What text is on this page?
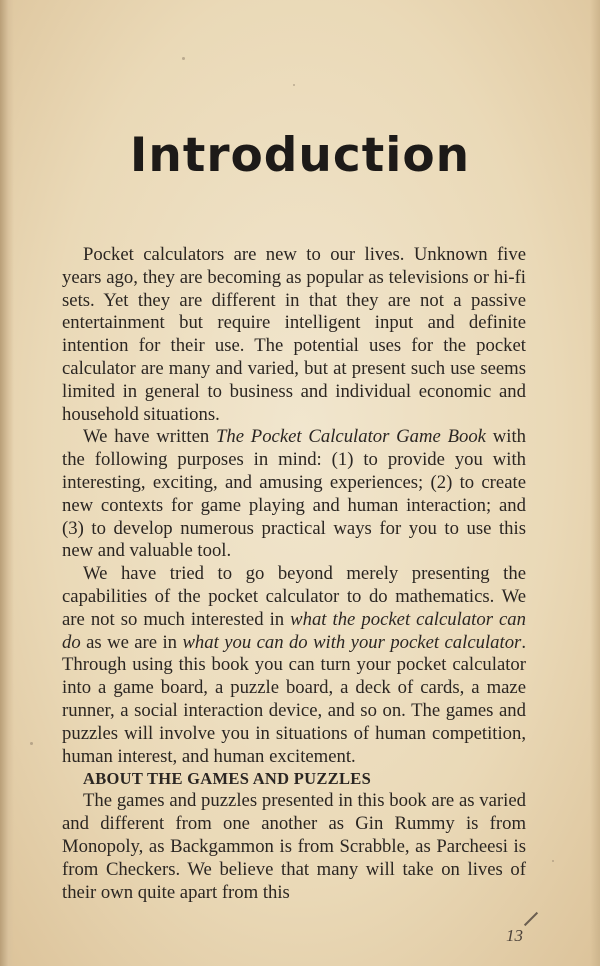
Introduction

Pocket calculators are new to our lives. Unknown five years ago, they are becoming as popular as televisions or hi-fi sets. Yet they are different in that they are not a passive entertainment but require intelligent input and definite intention for their use. The potential uses for the pocket calculator are many and varied, but at present such use seems limited in general to business and individual economic and household situations.

We have written The Pocket Calculator Game Book with the following purposes in mind: (1) to provide you with interesting, exciting, and amusing experiences; (2) to create new contexts for game playing and human interaction; and (3) to develop numerous practical ways for you to use this new and valuable tool.

We have tried to go beyond merely presenting the capabilities of the pocket calculator to do mathematics. We are not so much interested in what the pocket calculator can do as we are in what you can do with your pocket calculator. Through using this book you can turn your pocket calculator into a game board, a puzzle board, a deck of cards, a maze runner, a social interaction device, and so on. The games and puzzles will involve you in situations of human competition, human interest, and human excitement.

ABOUT THE GAMES AND PUZZLES

The games and puzzles presented in this book are as varied and different from one another as Gin Rummy is from Monopoly, as Backgammon is from Scrabble, as Parcheesi is from Checkers. We believe that many will take on lives of their own quite apart from this

13
